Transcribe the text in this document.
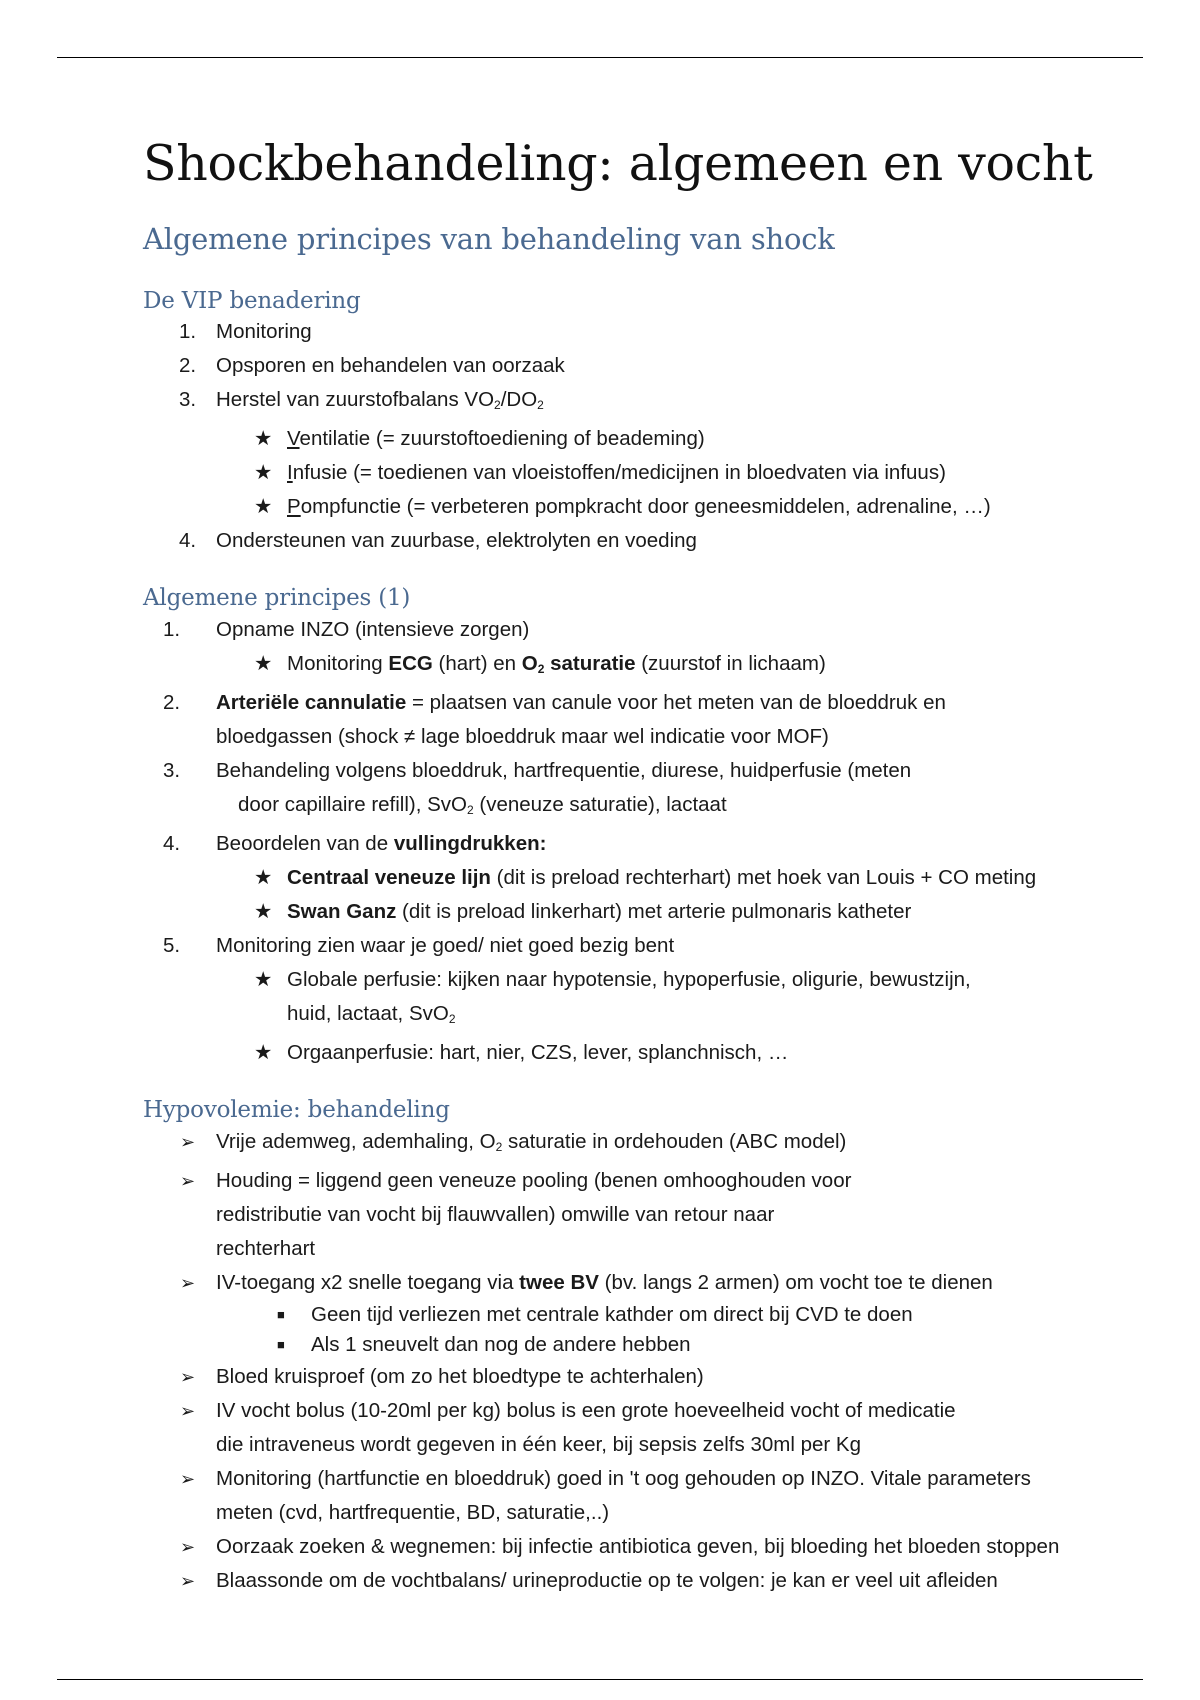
Shockbehandeling: algemeen en vocht
Algemene principes van behandeling van shock
De VIP benadering
1. Monitoring
2. Opsporen en behandelen van oorzaak
3. Herstel van zuurstofbalans $VO_2/DO_2$
★ Ventilatie (= zuurstoftoediening of beademing)
★ Infusie (= toedienen van vloeistoffen/medicijnen in bloedvaten via infuus)
★ Pompfunctie (= verbeteren pompkracht door geneesmiddelen, adrenaline, …)
4. Ondersteunen van zuurbase, elektrolyten en voeding
Algemene principes (1)
1.	Opname INZO (intensieve zorgen)
★ Monitoring ECG (hart) en $O_2$ saturatie (zuurstof in lichaam)
2.	Arteriële cannulatie = plaatsen van canule voor het meten van de bloeddruk en
bloedgassen (shock ≠ lage bloeddruk maar wel indicatie voor MOF)
3.	Behandeling volgens bloeddruk, hartfrequentie, diurese, huidperfusie (meten
door capillaire refill), SvO$_2$ (veneuze saturatie), lactaat
4.	Beoordelen van de vullingdrukken:
★ Centraal veneuze lijn (dit is preload rechterhart) met hoek van Louis + CO meting
★ Swan Ganz (dit is preload linkerhart) met arterie pulmonaris katheter
5.	Monitoring zien waar je goed/ niet goed bezig bent
★ Globale perfusie: kijken naar hypotensie, hypoperfusie, oligurie, bewustzijn,
huid, lactaat, SvO$_2$
★ Orgaanperfusie: hart, nier, CZS, lever, splanchnisch, …
Hypovolemie: behandeling
➢ Vrije ademweg, ademhaling, $O_2$ saturatie in ordehouden (ABC model)
➢ Houding = liggend geen veneuze pooling (benen omhooghouden voor
redistributie van vocht bij flauwvallen) omwille van retour naar
rechterhart
➢ IV-toegang x2 snelle toegang via twee BV (bv. langs 2 armen) om vocht toe te dienen
■ Geen tijd verliezen met centrale kathder om direct bij CVD te doen
■ Als 1 sneuvelt dan nog de andere hebben
➢ Bloed kruisproef (om zo het bloedtype te achterhalen)
➢ IV vocht bolus (10-20ml per kg) bolus is een grote hoeveelheid vocht of medicatie
die intraveneus wordt gegeven in één keer, bij sepsis zelfs 30ml per Kg
➢ Monitoring (hartfunctie en bloeddruk) goed in 't oog gehouden op INZO. Vitale parameters
meten (cvd, hartfrequentie, BD, saturatie,..)
➢ Oorzaak zoeken & wegnemen: bij infectie antibiotica geven, bij bloeding het bloeden stoppen
➢ Blaassonde om de vochtbalans/ urineproductie op te volgen: je kan er veel uit afleiden
